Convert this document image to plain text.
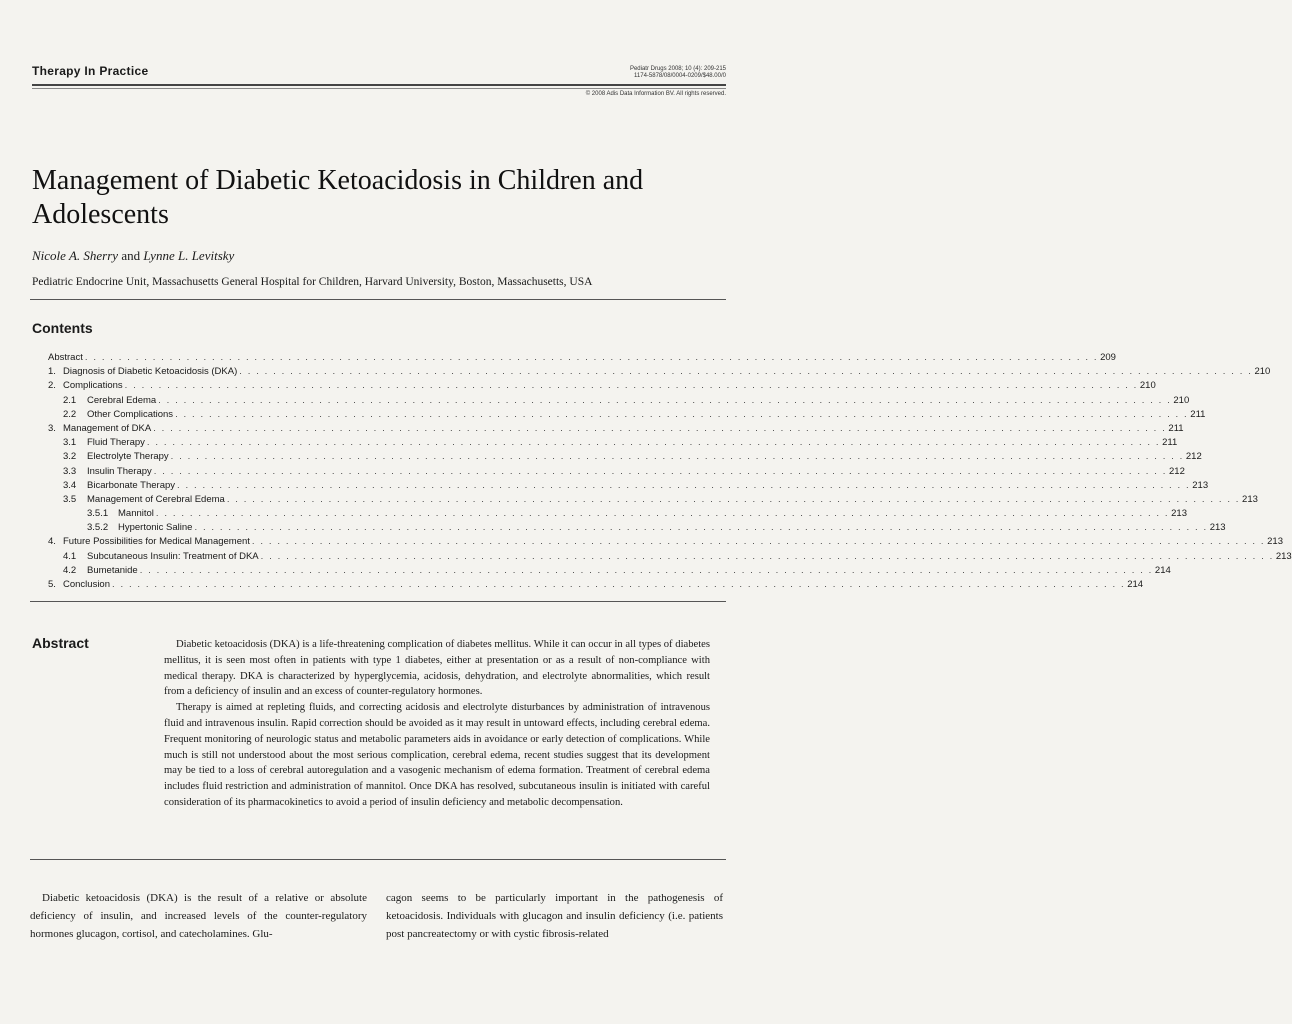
Therapy In Practice	Pediatr Drugs 2008; 10 (4): 209-215
1174-5878/08/0004-0209/$48.00/0
© 2008 Adis Data Information BV. All rights reserved.
Management of Diabetic Ketoacidosis in Children and Adolescents
Nicole A. Sherry and Lynne L. Levitsky
Pediatric Endocrine Unit, Massachusetts General Hospital for Children, Harvard University, Boston, Massachusetts, USA
Contents
Abstract . . . . . . . . . . . . . . . . . . . . . . . . . . . . . . . . . . . . . . . . . . . . . . . . . . . . . . . . . . . . . . . . . . . . . . . . . . . . . . . . . . . . . . . . . . . . . . . . . . . . . . . . . . . . . . . . . . . . . . . . 209
1. Diagnosis of Diabetic Ketoacidosis (DKA) . . . . . . . . . . . . . . . . . . . . . . . . . . . . . . . . . . . . . . . . . . . . . . . . . . . . . . . . . . . . . . . . . . . . . . . . . . . . . . . . . . . . . . . . . . . . . . . . . . . . . . . . . . . . . . . . . . . . . . . . 210
2. Complications . . . . . . . . . . . . . . . . . . . . . . . . . . . . . . . . . . . . . . . . . . . . . . . . . . . . . . . . . . . . . . . . . . . . . . . . . . . . . . . . . . . . . . . . . . . . . . . . . . . . . . . . . . . . . . . . . . . . . . . . 210
2.1	Cerebral Edema . . . . . . . . . . . . . . . . . . . . . . . . . . . . . . . . . . . . . . . . . . . . . . . . . . . . . . . . . . . . . . . . . . . . . . . . . . . . . . . . . . . . . . . . . . . . . . . . . . . . . . . . . . . . . . . . . . . . . . . . 210
2.2	Other Complications . . . . . . . . . . . . . . . . . . . . . . . . . . . . . . . . . . . . . . . . . . . . . . . . . . . . . . . . . . . . . . . . . . . . . . . . . . . . . . . . . . . . . . . . . . . . . . . . . . . . . . . . . . . . . . . . . . . . . . . . 211
3. Management of DKA . . . . . . . . . . . . . . . . . . . . . . . . . . . . . . . . . . . . . . . . . . . . . . . . . . . . . . . . . . . . . . . . . . . . . . . . . . . . . . . . . . . . . . . . . . . . . . . . . . . . . . . . . . . . . . . . . . . . . . . . 211
3.1	Fluid Therapy . . . . . . . . . . . . . . . . . . . . . . . . . . . . . . . . . . . . . . . . . . . . . . . . . . . . . . . . . . . . . . . . . . . . . . . . . . . . . . . . . . . . . . . . . . . . . . . . . . . . . . . . . . . . . . . . . . . . . . . . 211
3.2	Electrolyte Therapy . . . . . . . . . . . . . . . . . . . . . . . . . . . . . . . . . . . . . . . . . . . . . . . . . . . . . . . . . . . . . . . . . . . . . . . . . . . . . . . . . . . . . . . . . . . . . . . . . . . . . . . . . . . . . . . . . . . . . . . . 212
3.3	Insulin Therapy . . . . . . . . . . . . . . . . . . . . . . . . . . . . . . . . . . . . . . . . . . . . . . . . . . . . . . . . . . . . . . . . . . . . . . . . . . . . . . . . . . . . . . . . . . . . . . . . . . . . . . . . . . . . . . . . . . . . . . . . 212
3.4	Bicarbonate Therapy . . . . . . . . . . . . . . . . . . . . . . . . . . . . . . . . . . . . . . . . . . . . . . . . . . . . . . . . . . . . . . . . . . . . . . . . . . . . . . . . . . . . . . . . . . . . . . . . . . . . . . . . . . . . . . . . . . . . . . . . 213
3.5	Management of Cerebral Edema . . . . . . . . . . . . . . . . . . . . . . . . . . . . . . . . . . . . . . . . . . . . . . . . . . . . . . . . . . . . . . . . . . . . . . . . . . . . . . . . . . . . . . . . . . . . . . . . . . . . . . . . . . . . . . . . . . . . . . . . 213
3.5.1	Mannitol . . . . . . . . . . . . . . . . . . . . . . . . . . . . . . . . . . . . . . . . . . . . . . . . . . . . . . . . . . . . . . . . . . . . . . . . . . . . . . . . . . . . . . . . . . . . . . . . . . . . . . . . . . . . . . . . . . . . . . . . 213
3.5.2	Hypertonic Saline . . . . . . . . . . . . . . . . . . . . . . . . . . . . . . . . . . . . . . . . . . . . . . . . . . . . . . . . . . . . . . . . . . . . . . . . . . . . . . . . . . . . . . . . . . . . . . . . . . . . . . . . . . . . . . . . . . . . . . . . 213
4. Future Possibilities for Medical Management . . . . . . . . . . . . . . . . . . . . . . . . . . . . . . . . . . . . . . . . . . . . . . . . . . . . . . . . . . . . . . . . . . . . . . . . . . . . . . . . . . . . . . . . . . . . . . . . . . . . . . . . . . . . . . . . . . . . . . . . 213
4.1	Subcutaneous Insulin: Treatment of DKA . . . . . . . . . . . . . . . . . . . . . . . . . . . . . . . . . . . . . . . . . . . . . . . . . . . . . . . . . . . . . . . . . . . . . . . . . . . . . . . . . . . . . . . . . . . . . . . . . . . . . . . . . . . . . . . . . . . . . . . . 213
4.2	Bumetanide . . . . . . . . . . . . . . . . . . . . . . . . . . . . . . . . . . . . . . . . . . . . . . . . . . . . . . . . . . . . . . . . . . . . . . . . . . . . . . . . . . . . . . . . . . . . . . . . . . . . . . . . . . . . . . . . . . . . . . . . 214
5. Conclusion . . . . . . . . . . . . . . . . . . . . . . . . . . . . . . . . . . . . . . . . . . . . . . . . . . . . . . . . . . . . . . . . . . . . . . . . . . . . . . . . . . . . . . . . . . . . . . . . . . . . . . . . . . . . . . . . . . . . . . . . 214
Abstract	Diabetic ketoacidosis (DKA) is a life-threatening complication of diabetes mellitus. While it can occur in all types of diabetes mellitus, it is seen most often in patients with type 1 diabetes, either at presentation or as a result of non-compliance with medical therapy. DKA is characterized by hyperglycemia, acidosis, dehydration, and electrolyte abnormalities, which result from a deficiency of insulin and an excess of counter-regulatory hormones.

Therapy is aimed at repleting fluids, and correcting acidosis and electrolyte disturbances by administration of intravenous fluid and intravenous insulin. Rapid correction should be avoided as it may result in untoward effects, including cerebral edema. Frequent monitoring of neurologic status and metabolic parameters aids in avoidance or early detection of complications. While much is still not understood about the most serious complication, cerebral edema, recent studies suggest that its development may be tied to a loss of cerebral autoregulation and a vasogenic mechanism of edema formation. Treatment of cerebral edema includes fluid restriction and administration of mannitol. Once DKA has resolved, subcutaneous insulin is initiated with careful consideration of its pharmacokinetics to avoid a period of insulin deficiency and metabolic decompensation.

Diabetic ketoacidosis (DKA) is the result of a relative or absolute deficiency of insulin, and increased levels of the counter-regulatory hormones glucagon, cortisol, and catecholamines. Glu-

cagon seems to be particularly important in the pathogenesis of ketoacidosis. Individuals with glucagon and insulin deficiency (i.e. patients post pancreatectomy or with cystic fibrosis-related
